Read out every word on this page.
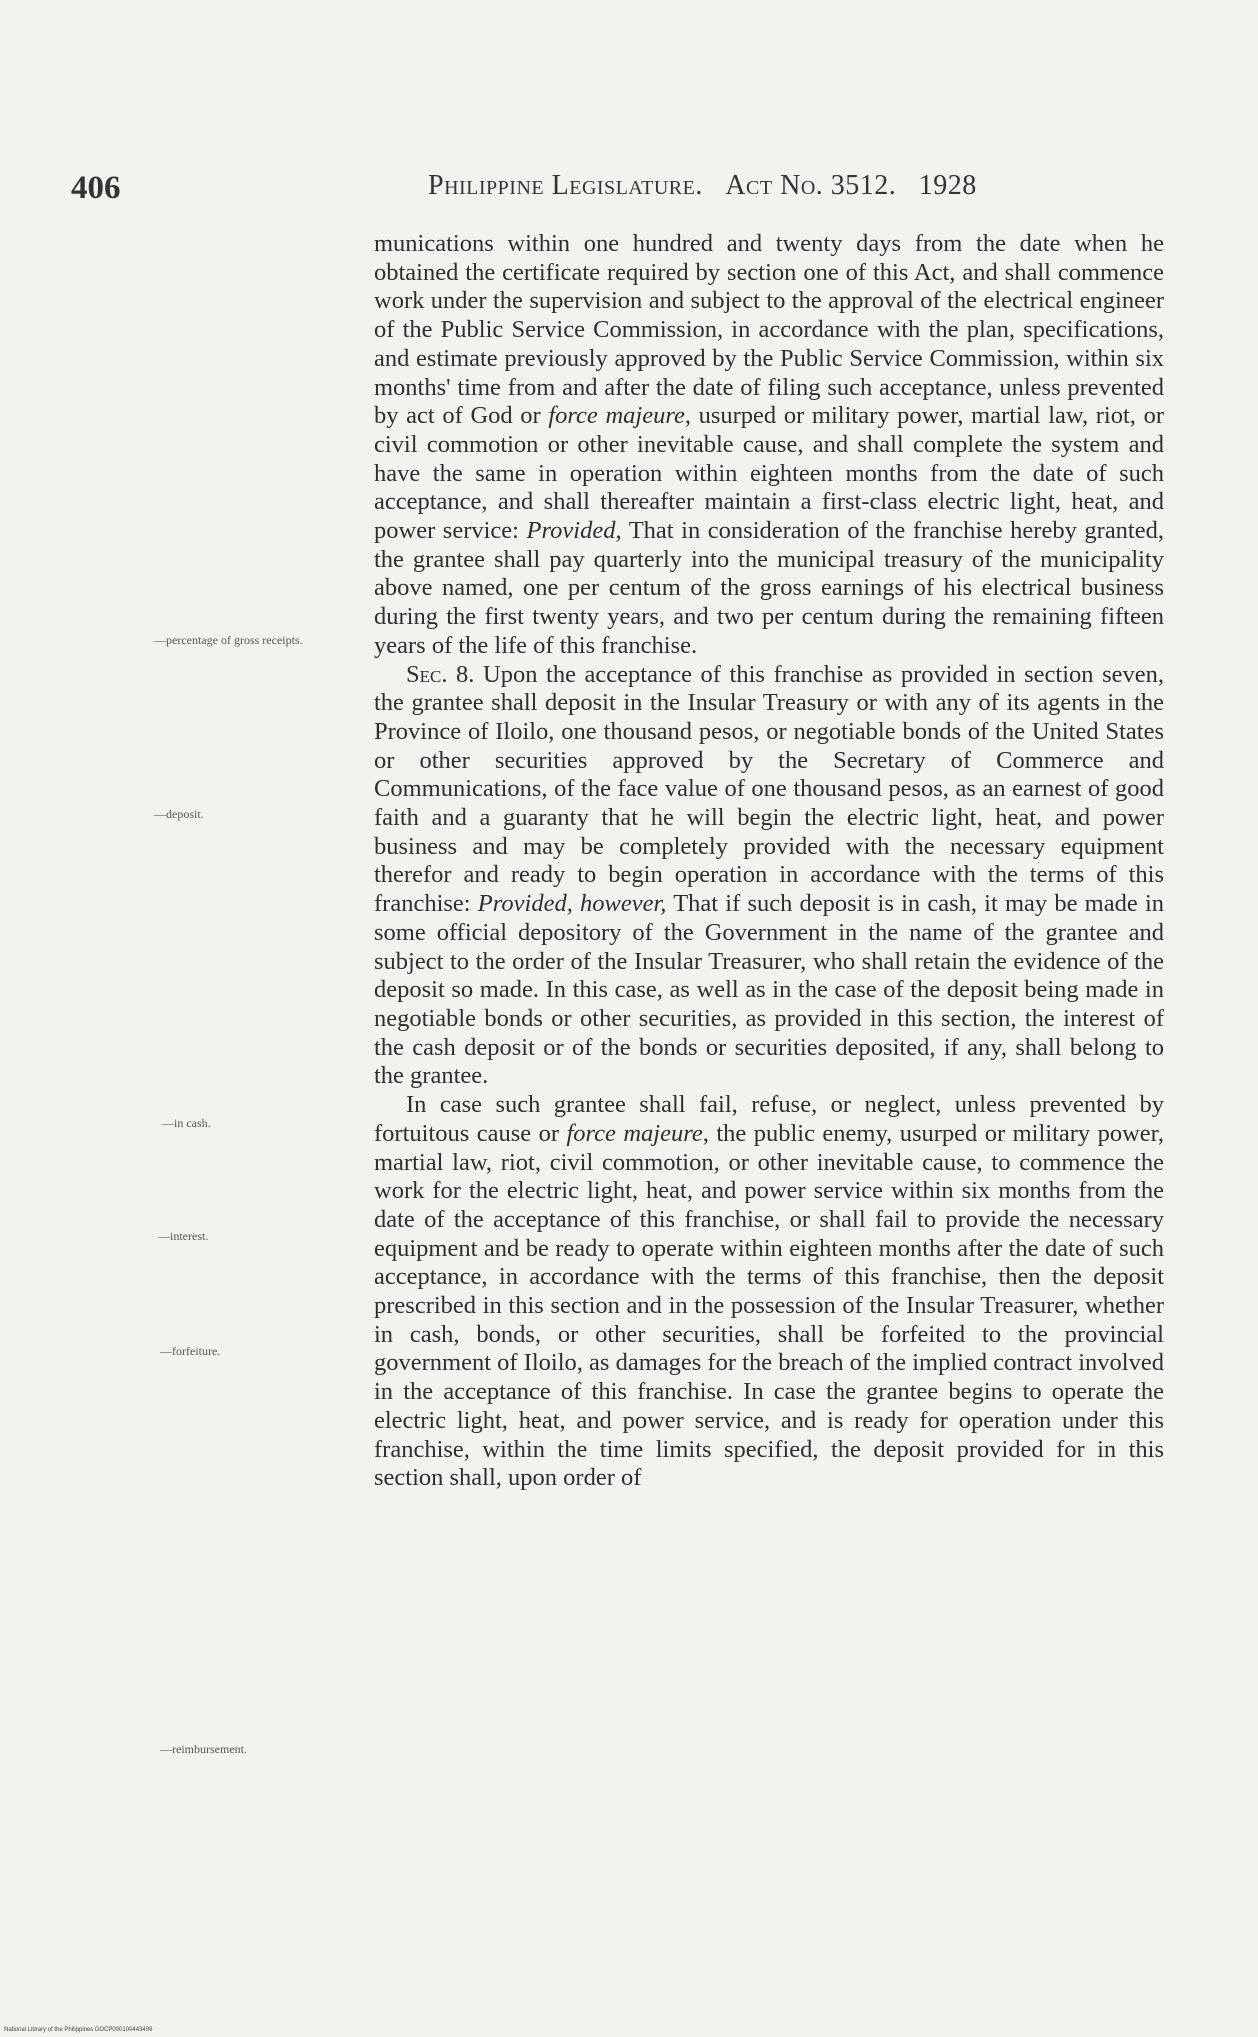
406	Philippine Legislature. Act No. 3512. 1928
—percentage of gross receipts.
—deposit.
—in cash.
—interest.
—forfeiture.
—reimbursement.

munications within one hundred and twenty days from the date when he obtained the certificate required by section one of this Act, and shall commence work under the supervision and subject to the approval of the electrical engineer of the Public Service Commission, in accordance with the plan, specifications, and estimate previously approved by the Public Service Commission, within six months' time from and after the date of filing such acceptance, unless prevented by act of God or force majeure, usurped or military power, martial law, riot, or civil commotion or other inevitable cause, and shall complete the system and have the same in operation within eighteen months from the date of such acceptance, and shall thereafter maintain a first-class electric light, heat, and power service: Provided, That in consideration of the franchise hereby granted, the grantee shall pay quarterly into the municipal treasury of the municipality above named, one per centum of the gross earnings of his electrical business during the first twenty years, and two per centum during the remaining fifteen years of the life of this franchise.

Sec. 8. Upon the acceptance of this franchise as provided in section seven, the grantee shall deposit in the Insular Treasury or with any of its agents in the Province of Iloilo, one thousand pesos, or negotiable bonds of the United States or other securities approved by the Secretary of Commerce and Communications, of the face value of one thousand pesos, as an earnest of good faith and a guaranty that he will begin the electric light, heat, and power business and may be completely provided with the necessary equipment therefor and ready to begin operation in accordance with the terms of this franchise: Provided, however, That if such deposit is in cash, it may be made in some official depository of the Government in the name of the grantee and subject to the order of the Insular Treasurer, who shall retain the evidence of the deposit so made. In this case, as well as in the case of the deposit being made in negotiable bonds or other securities, as provided in this section, the interest of the cash deposit or of the bonds or securities deposited, if any, shall belong to the grantee.

In case such grantee shall fail, refuse, or neglect, unless prevented by fortuitous cause or force majeure, the public enemy, usurped or military power, martial law, riot, civil commotion, or other inevitable cause, to commence the work for the electric light, heat, and power service within six months from the date of the acceptance of this franchise, or shall fail to provide the necessary equipment and be ready to operate within eighteen months after the date of such acceptance, in accordance with the terms of this franchise, then the deposit prescribed in this section and in the possession of the Insular Treasurer, whether in cash, bonds, or other securities, shall be forfeited to the provincial government of Iloilo, as damages for the breach of the implied contract involved in the acceptance of this franchise. In case the grantee begins to operate the electric light, heat, and power service, and is ready for operation under this franchise, within the time limits specified, the deposit provided for in this section shall, upon order of

National Library of the Philippines DOCP000100443406
